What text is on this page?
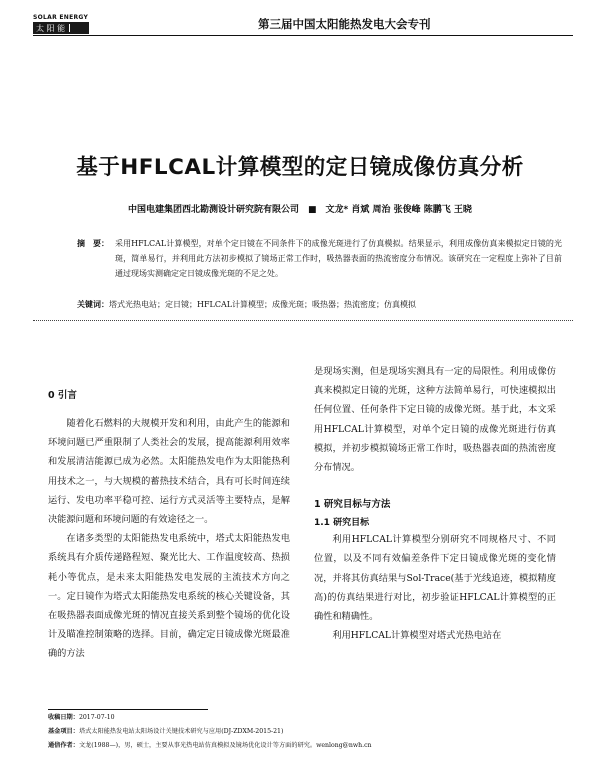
SOLAR ENERGY
太 阳 能	第三届中国太阳能热发电大会专刊
基于HFLCAL计算模型的定日镜成像仿真分析
中国电建集团西北勘测设计研究院有限公司　■　文龙* 肖斌 周治 张俊峰 陈鹏飞 王晓
摘　要： 采用HFLCAL计算模型，对单个定日镜在不同条件下的成像光斑进行了仿真模拟。结果显示，利用成像仿真来模拟定日镜的光斑，简单易行，并利用此方法初步模拟了镜场正常工作时，吸热器表面的热流密度分布情况。该研究在一定程度上弥补了目前通过现场实测确定定日镜成像光斑的不足之处。
关键词：塔式光热电站；定日镜；HFLCAL计算模型；成像光斑；吸热器；热流密度；仿真模拟
0 引言

随着化石燃料的大规模开发和利用，由此产生的能源和环境问题已严重限制了人类社会的发展，提高能源利用效率和发展清洁能源已成为必然。太阳能热发电作为太阳能热利用技术之一，与大规模的蓄热技术结合，具有可长时间连续运行、发电功率平稳可控、运行方式灵活等主要特点，是解决能源问题和环境问题的有效途径之一。

在诸多类型的太阳能热发电系统中，塔式太阳能热发电系统具有介质传递路程短、聚光比大、工作温度较高、热损耗小等优点，是未来太阳能热发电发展的主流技术方向之一。定日镜作为塔式太阳能热发电系统的核心关键设备，其在吸热器表面成像光斑的情况直接关系到整个镜场的优化设计及瞄准控制策略的选择。目前，确定定日镜成像光斑最准确的方法

是现场实测，但是现场实测具有一定的局限性。利用成像仿真来模拟定日镜的光斑，这种方法简单易行，可快速模拟出任何位置、任何条件下定日镜的成像光斑。基于此，本文采用HFLCAL计算模型，对单个定日镜的成像光斑进行仿真模拟，并初步模拟镜场正常工作时，吸热器表面的热流密度分布情况。

1 研究目标与方法
1.1 研究目标

利用HFLCAL计算模型分别研究不同规格尺寸、不同位置，以及不同有效偏差条件下定日镜成像光斑的变化情况，并将其仿真结果与Sol-Trace(基于光线追迹，模拟精度高)的仿真结果进行对比，初步验证HFLCAL计算模型的正确性和精确性。

利用HFLCAL计算模型对塔式光热电站在

收稿日期：2017-07-10
基金项目：塔式太阳能热发电站太阳场设计关键技术研究与应用(DJ-ZDXM-2015-21)
通信作者：文龙(1988—)，男，硕士，主要从事光热电站仿真模拟及镜场优化设计等方面的研究。wenlong@nwh.cn
